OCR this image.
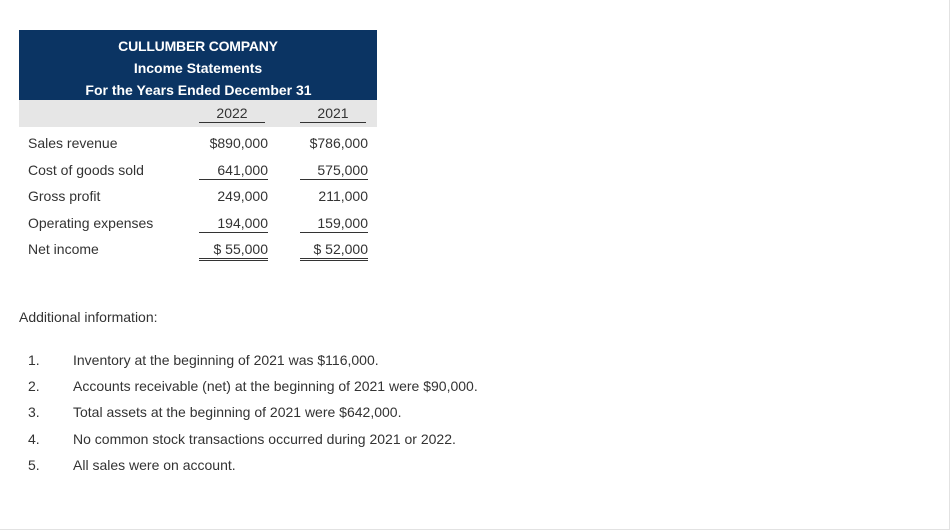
CULLUMBER COMPANY
Income Statements
For the Years Ended December 31
2022	2021
Sales revenue	$890,000	$786,000
Cost of goods sold	641,000	575,000
Gross profit	249,000	211,000
Operating expenses	194,000	159,000
Net income	$ 55,000	$ 52,000
Additional information:
1. Inventory at the beginning of 2021 was $116,000.
2. Accounts receivable (net) at the beginning of 2021 were $90,000.
3. Total assets at the beginning of 2021 were $642,000.
4. No common stock transactions occurred during 2021 or 2022.
5. All sales were on account.
